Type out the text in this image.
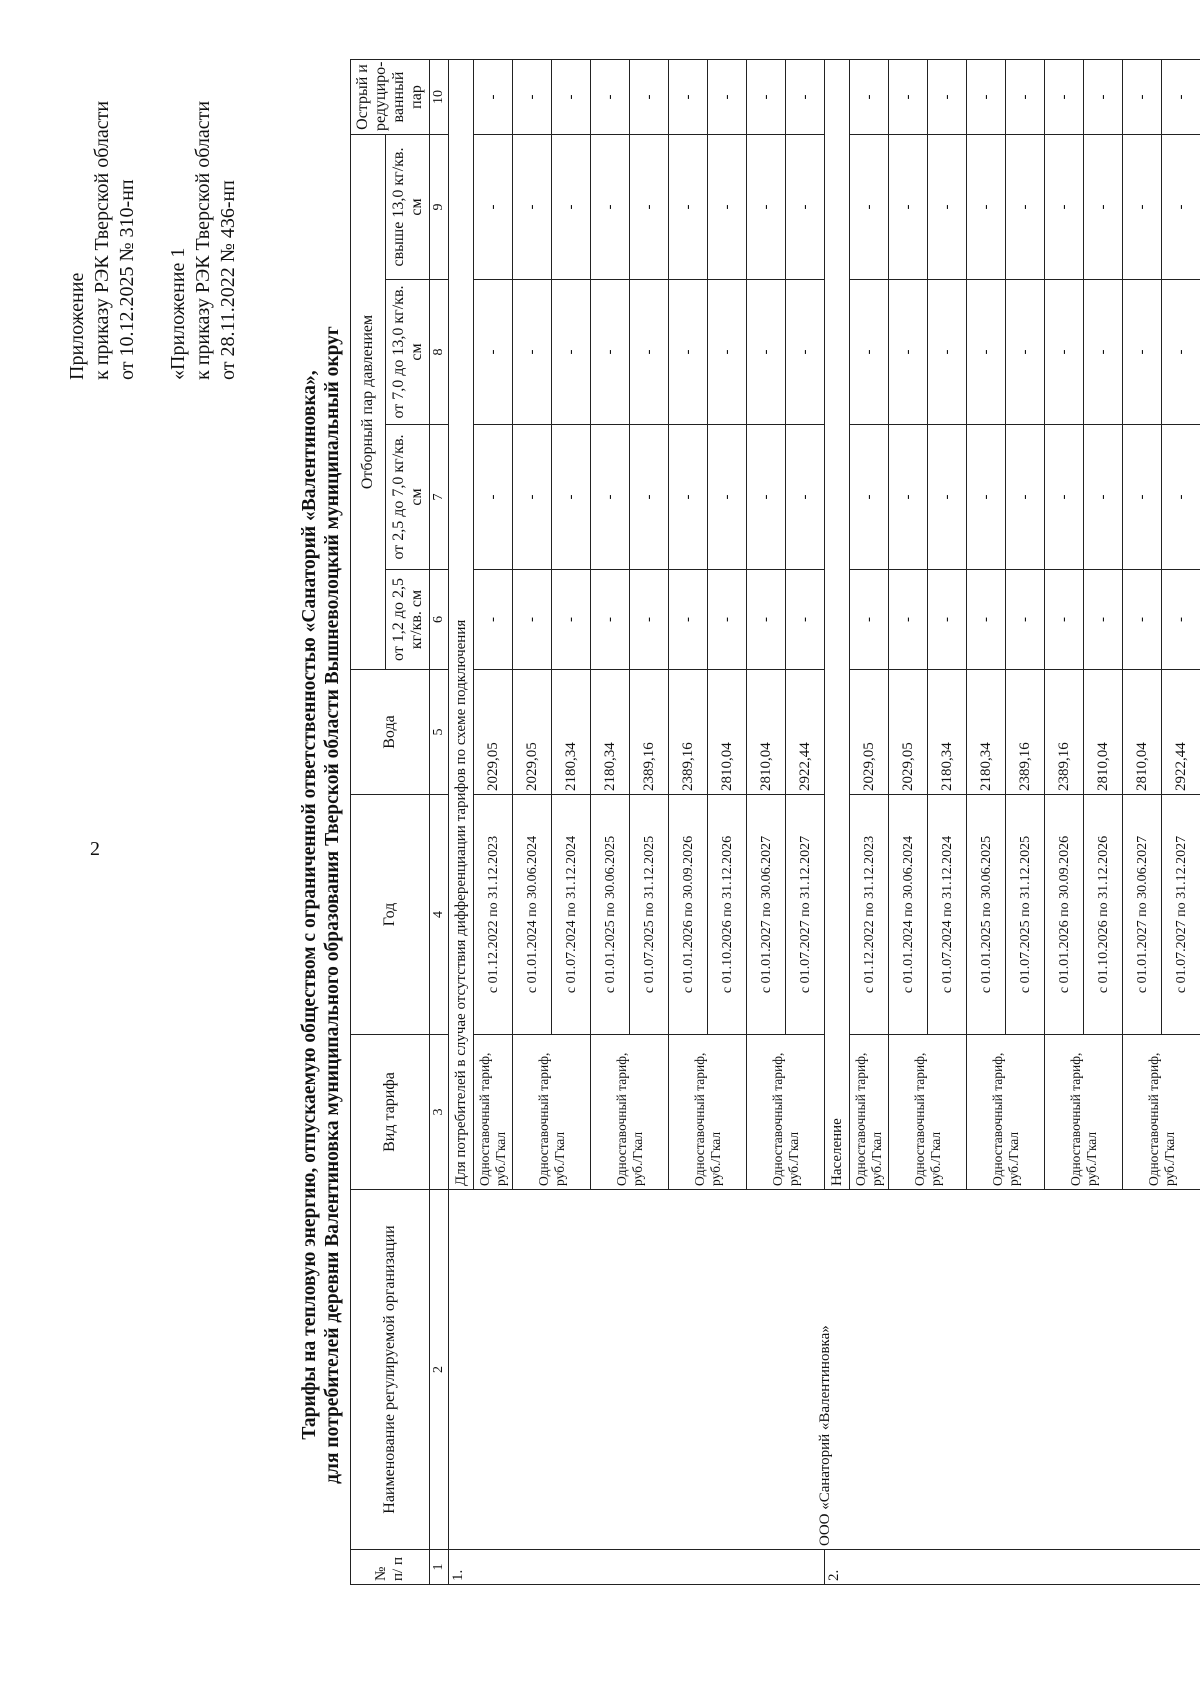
2

Приложение к приказу РЭК Тверской области от 10.12.2025 № 310-нп «Приложение 1 к приказу РЭК Тверской области от 28.11.2022 № 436-нп

Тарифы на тепловую энергию, отпускаемую обществом с ограниченной ответственностью «Санаторий «Валентиновка», для потребителей деревни Валентиновка муниципального образования Тверской области Вышневолоцкий муниципальный округ
№ п/ п	Наименование регулируемой организации	Вид тарифа	Год	Вода	Отборный пар давлением				Острый и редуциро-ванный пар
					от 1,2 до 2,5 кг/кв. см	от 2,5 до 7,0 кг/кв. см	от 7,0 до 13,0 кг/кв. см	свыше 13,0 кг/кв. см	
1	2	3	4	5	6	7	8	9	10
1.	ООО «Санаторий «Валентиновка»	Для потребителей в случае отсутствия дифференциации тарифов по схеме подключения							
		Одноставочный тариф, руб./Гкал	с 01.12.2022 по 31.12.2023	2029,05	-	-	-	-	-
		Одноставочный тариф, руб./Гкал	с 01.01.2024 по 30.06.2024	2029,05	-	-	-	-	-
			с 01.07.2024 по 31.12.2024	2180,34	-	-	-	-	-
		Одноставочный тариф, руб./Гкал	с 01.01.2025 по 30.06.2025	2180,34	-	-	-	-	-
			с 01.07.2025 по 31.12.2025	2389,16	-	-	-	-	-
		Одноставочный тариф, руб./Гкал	с 01.01.2026 по 30.09.2026	2389,16	-	-	-	-	-
			с 01.10.2026 по 31.12.2026	2810,04	-	-	-	-	-
		Одноставочный тариф, руб./Гкал	с 01.01.2027 по 30.06.2027	2810,04	-	-	-	-	-
			с 01.07.2027 по 31.12.2027	2922,44	-	-	-	-	-
2.		Население							
		Одноставочный тариф, руб./Гкал	с 01.12.2022 по 31.12.2023	2029,05	-	-	-	-	-
		Одноставочный тариф, руб./Гкал	с 01.01.2024 по 30.06.2024	2029,05	-	-	-	-	-
			с 01.07.2024 по 31.12.2024	2180,34	-	-	-	-	-
		Одноставочный тариф, руб./Гкал	с 01.01.2025 по 30.06.2025	2180,34	-	-	-	-	-
			с 01.07.2025 по 31.12.2025	2389,16	-	-	-	-	-
		Одноставочный тариф, руб./Гкал	с 01.01.2026 по 30.09.2026	2389,16	-	-	-	-	-
			с 01.10.2026 по 31.12.2026	2810,04	-	-	-	-	-
		Одноставочный тариф, руб./Гкал	с 01.01.2027 по 30.06.2027	2810,04	-	-	-	-	-
			с 01.07.2027 по 31.12.2027	2922,44	-	-	-	-	-
